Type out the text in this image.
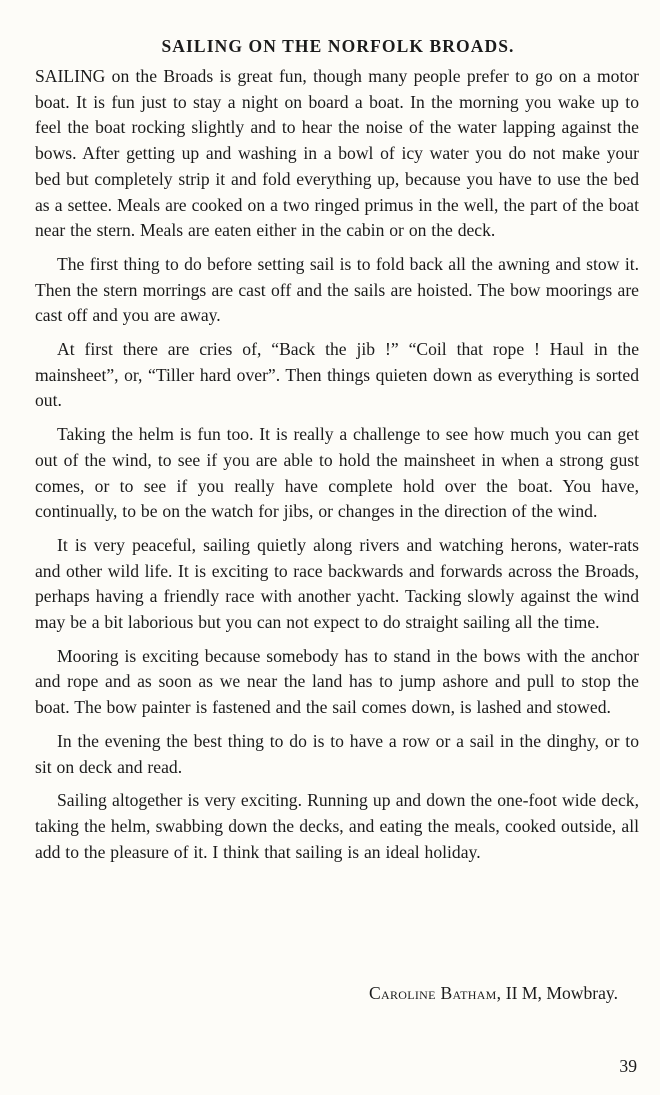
SAILING ON THE NORFOLK BROADS.

SAILING on the Broads is great fun, though many people prefer to go on a motor boat. It is fun just to stay a night on board a boat. In the morning you wake up to feel the boat rocking slightly and to hear the noise of the water lapping against the bows. After getting up and washing in a bowl of icy water you do not make your bed but completely strip it and fold everything up, because you have to use the bed as a settee. Meals are cooked on a two ringed primus in the well, the part of the boat near the stern. Meals are eaten either in the cabin or on the deck.

The first thing to do before setting sail is to fold back all the awning and stow it. Then the stern morrings are cast off and the sails are hoisted. The bow moorings are cast off and you are away.

At first there are cries of, “Back the jib !” “Coil that rope ! Haul in the mainsheet”, or, “Tiller hard over”. Then things quieten down as everything is sorted out.

Taking the helm is fun too. It is really a challenge to see how much you can get out of the wind, to see if you are able to hold the mainsheet in when a strong gust comes, or to see if you really have complete hold over the boat. You have, continually, to be on the watch for jibs, or changes in the direction of the wind.

It is very peaceful, sailing quietly along rivers and watching herons, water-rats and other wild life. It is exciting to race backwards and forwards across the Broads, perhaps having a friendly race with another yacht. Tacking slowly against the wind may be a bit laborious but you can not expect to do straight sailing all the time.

Mooring is exciting because somebody has to stand in the bows with the anchor and rope and as soon as we near the land has to jump ashore and pull to stop the boat. The bow painter is fastened and the sail comes down, is lashed and stowed.

In the evening the best thing to do is to have a row or a sail in the dinghy, or to sit on deck and read.

Sailing altogether is very exciting. Running up and down the one-foot wide deck, taking the helm, swabbing down the decks, and eating the meals, cooked outside, all add to the pleasure of it. I think that sailing is an ideal holiday.

Caroline Batham, II M, Mowbray.

39
